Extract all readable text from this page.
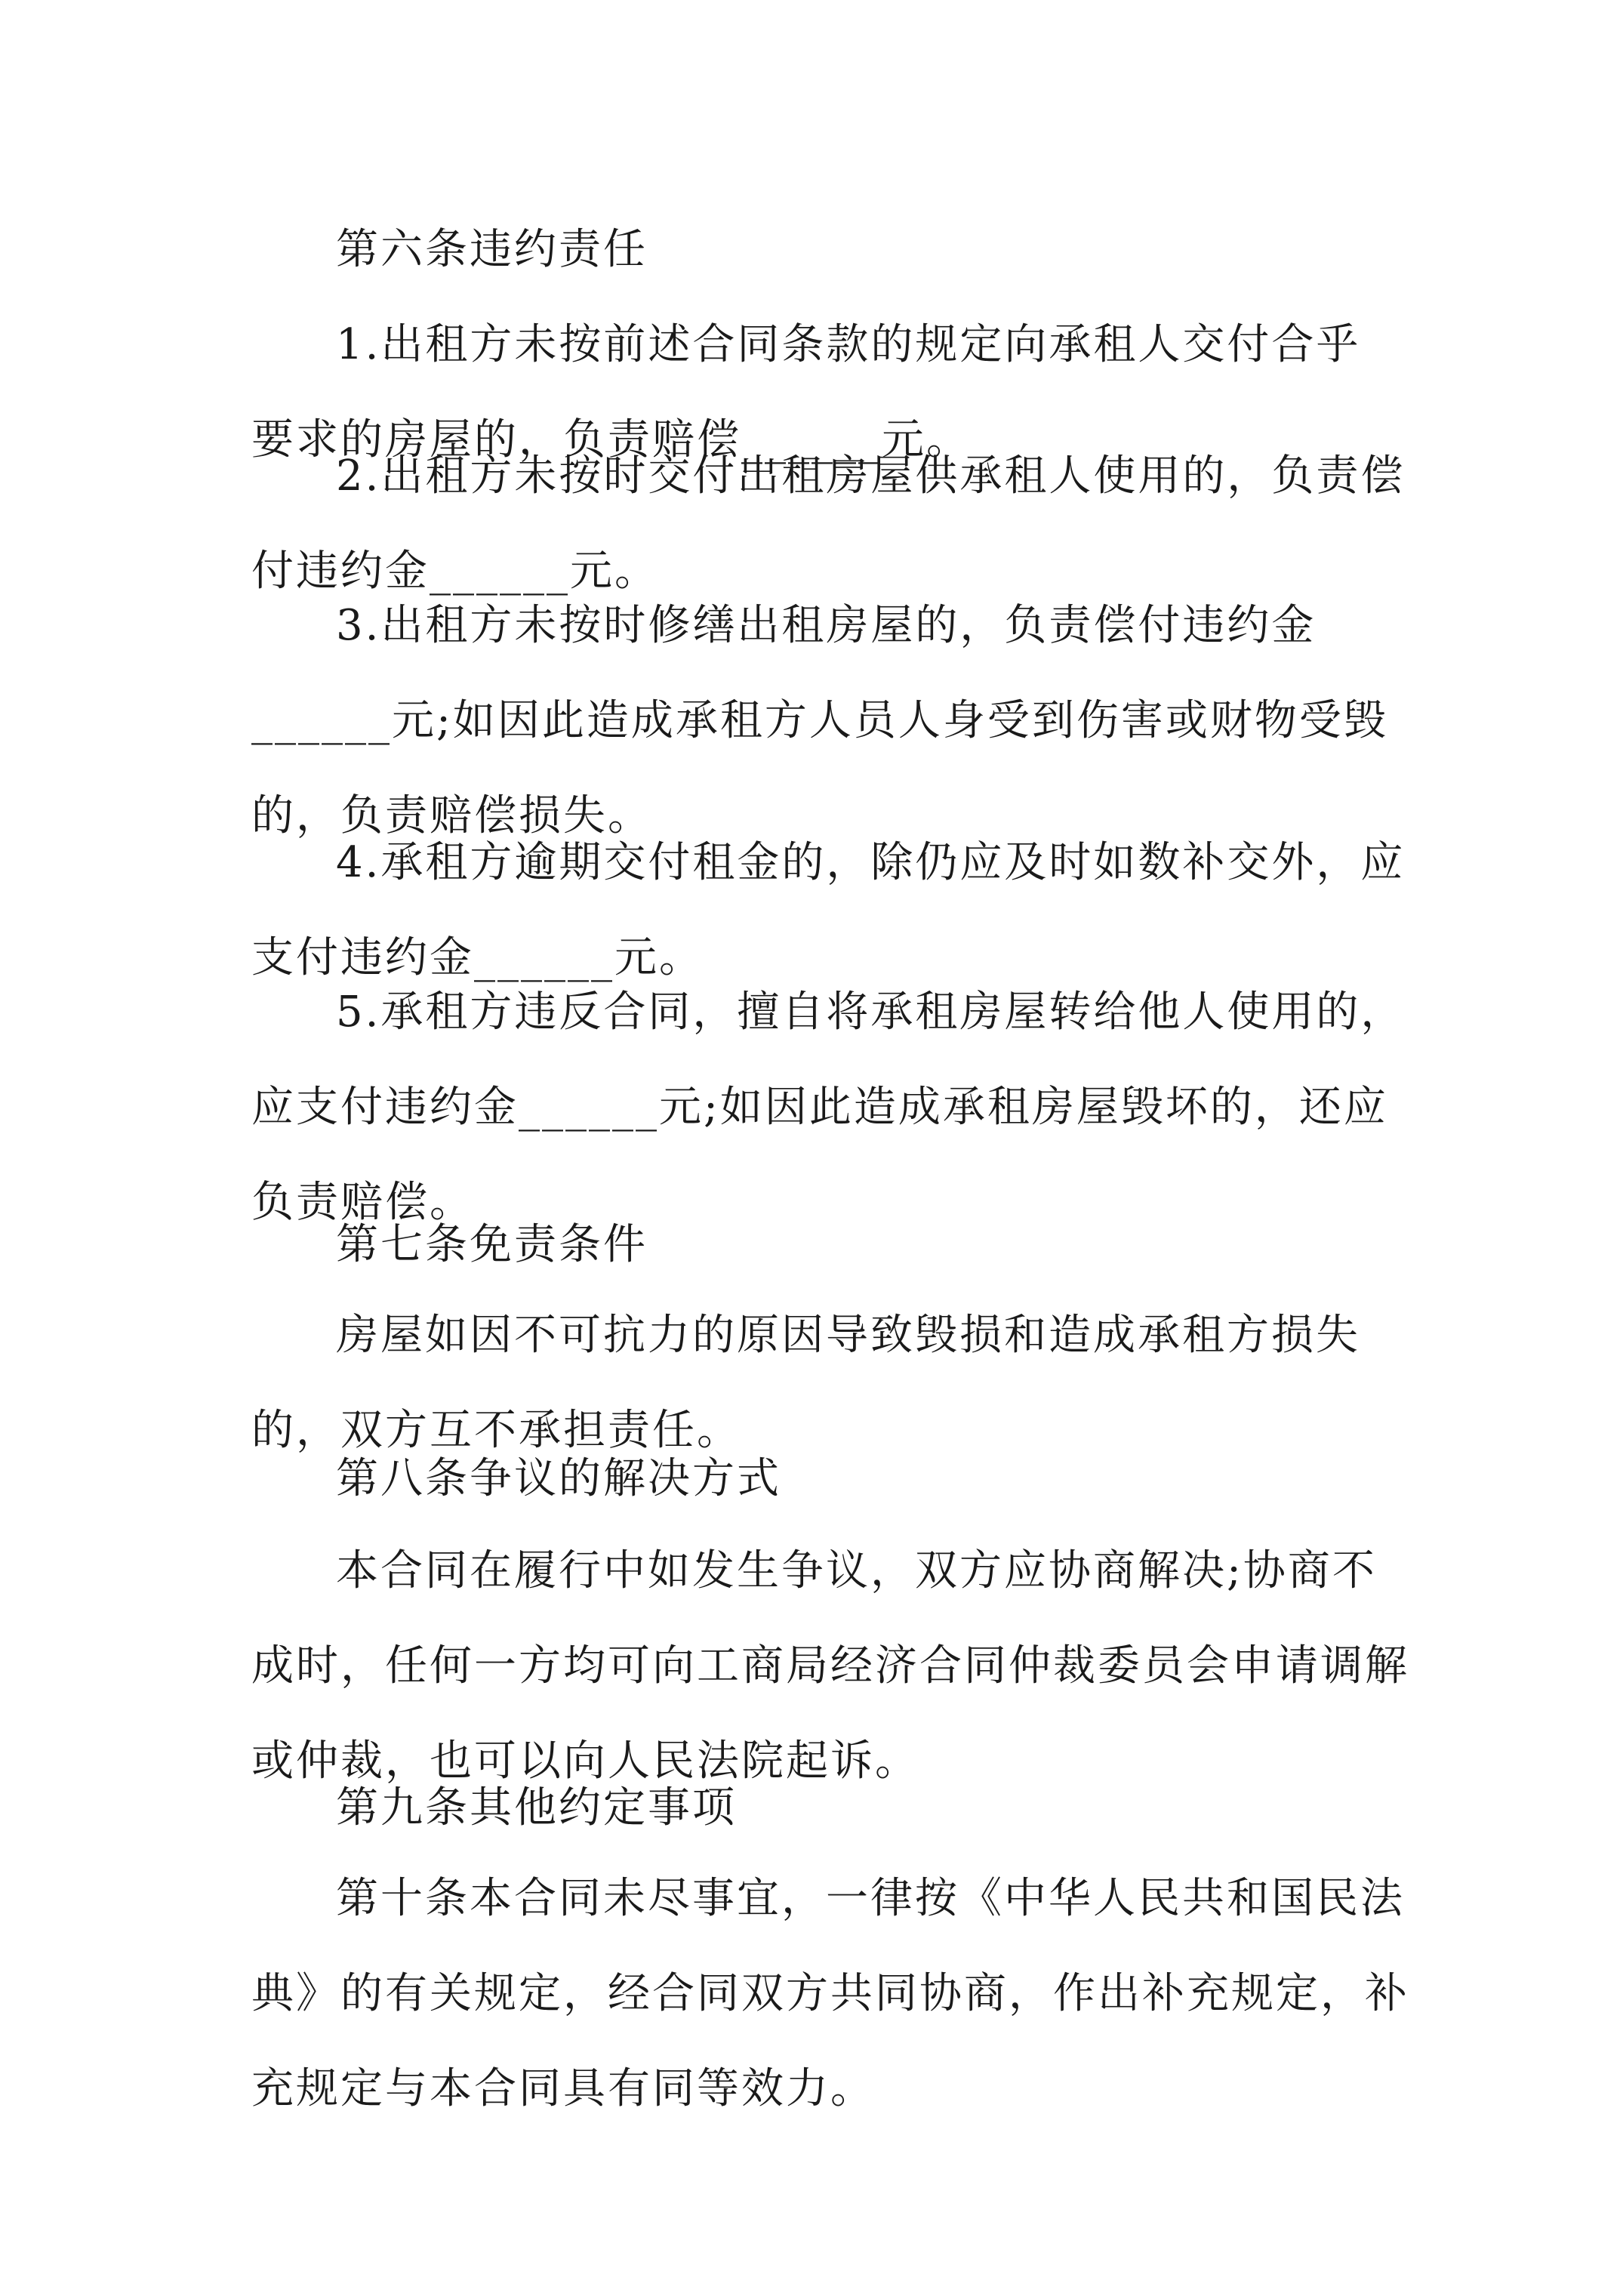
第六条违约责任
1.出租方未按前述合同条款的规定向承租人交付合乎
要求的房屋的，负责赔偿______元。
2.出租方未按时交付出租房屋供承租人使用的，负责偿
付违约金______元。
3.出租方未按时修缮出租房屋的，负责偿付违约金
______元;如因此造成承租方人员人身受到伤害或财物受毁
的，负责赔偿损失。
4.承租方逾期交付租金的，除仍应及时如数补交外，应
支付违约金______元。
5.承租方违反合同，擅自将承租房屋转给他人使用的，
应支付违约金______元;如因此造成承租房屋毁坏的，还应
负责赔偿。
第七条免责条件
房屋如因不可抗力的原因导致毁损和造成承租方损失
的，双方互不承担责任。
第八条争议的解决方式
本合同在履行中如发生争议，双方应协商解决;协商不
成时，任何一方均可向工商局经济合同仲裁委员会申请调解
或仲裁，也可以向人民法院起诉。
第九条其他约定事项
第十条本合同未尽事宜，一律按《中华人民共和国民法
典》的有关规定，经合同双方共同协商，作出补充规定，补
充规定与本合同具有同等效力。
